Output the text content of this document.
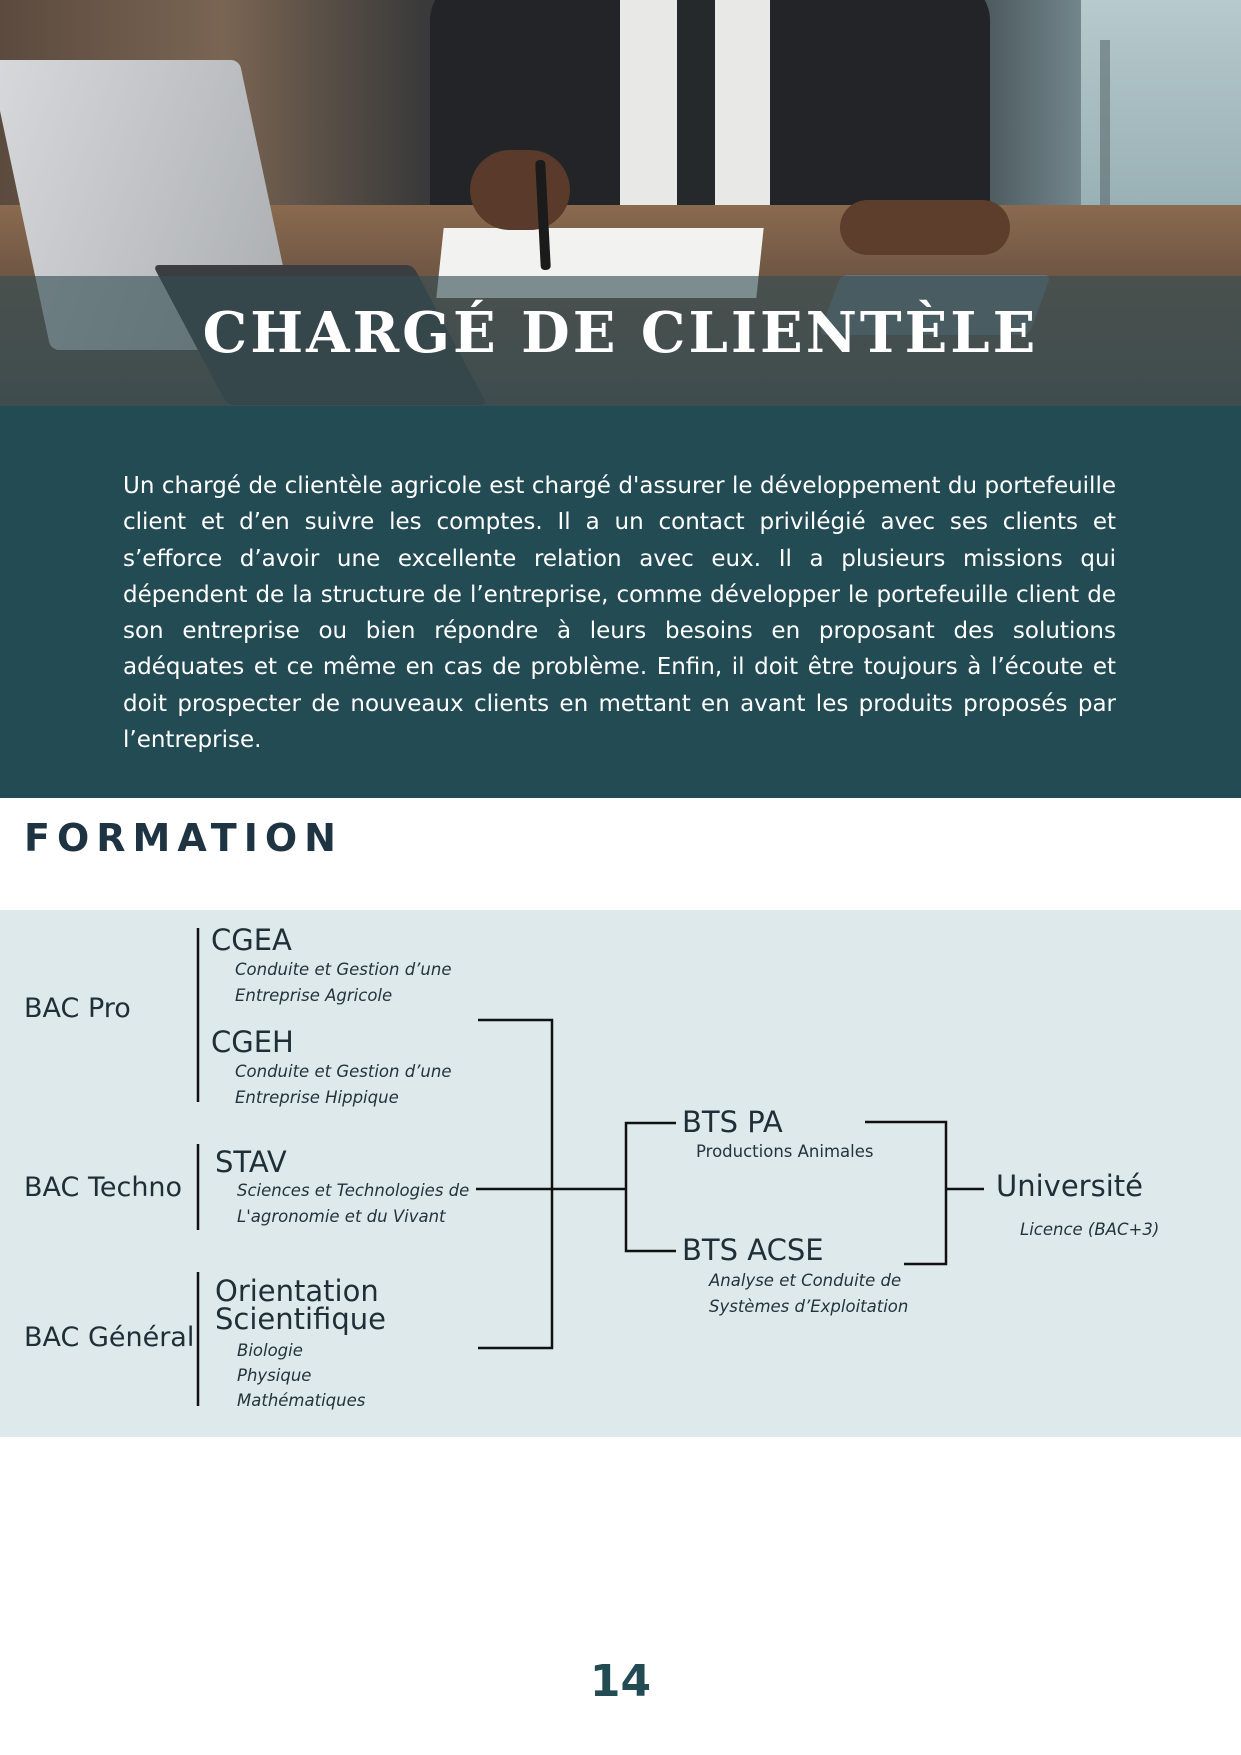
CHARGÉ DE CLIENTÈLE

Un chargé de clientèle agricole est chargé d'assurer le développement du portefeuille client et d’en suivre les comptes. Il a un contact privilégié avec ses clients et s’efforce d’avoir une excellente relation avec eux. Il a plusieurs missions qui dépendent de la structure de l’entreprise, comme développer le portefeuille client de son entreprise ou bien répondre à leurs besoins en proposant des solutions adéquates et ce même en cas de problème. Enfin, il doit être toujours à l’écoute et doit prospecter de nouveaux clients en mettant en avant les produits proposés par l’entreprise.

FORMATION

BAC Pro

BAC Techno

BAC Général

CGEA

Conduite et Gestion d’une

Entreprise Agricole

CGEH

Conduite et Gestion d’une

Entreprise Hippique

STAV

Sciences et Technologies de

L'agronomie et du Vivant

Orientation

Scientifique

Biologie

Physique

Mathématiques

BTS PA

Productions Animales

BTS ACSE

Analyse et Conduite de

Systèmes d’Exploitation

Université

Licence (BAC+3)

14
